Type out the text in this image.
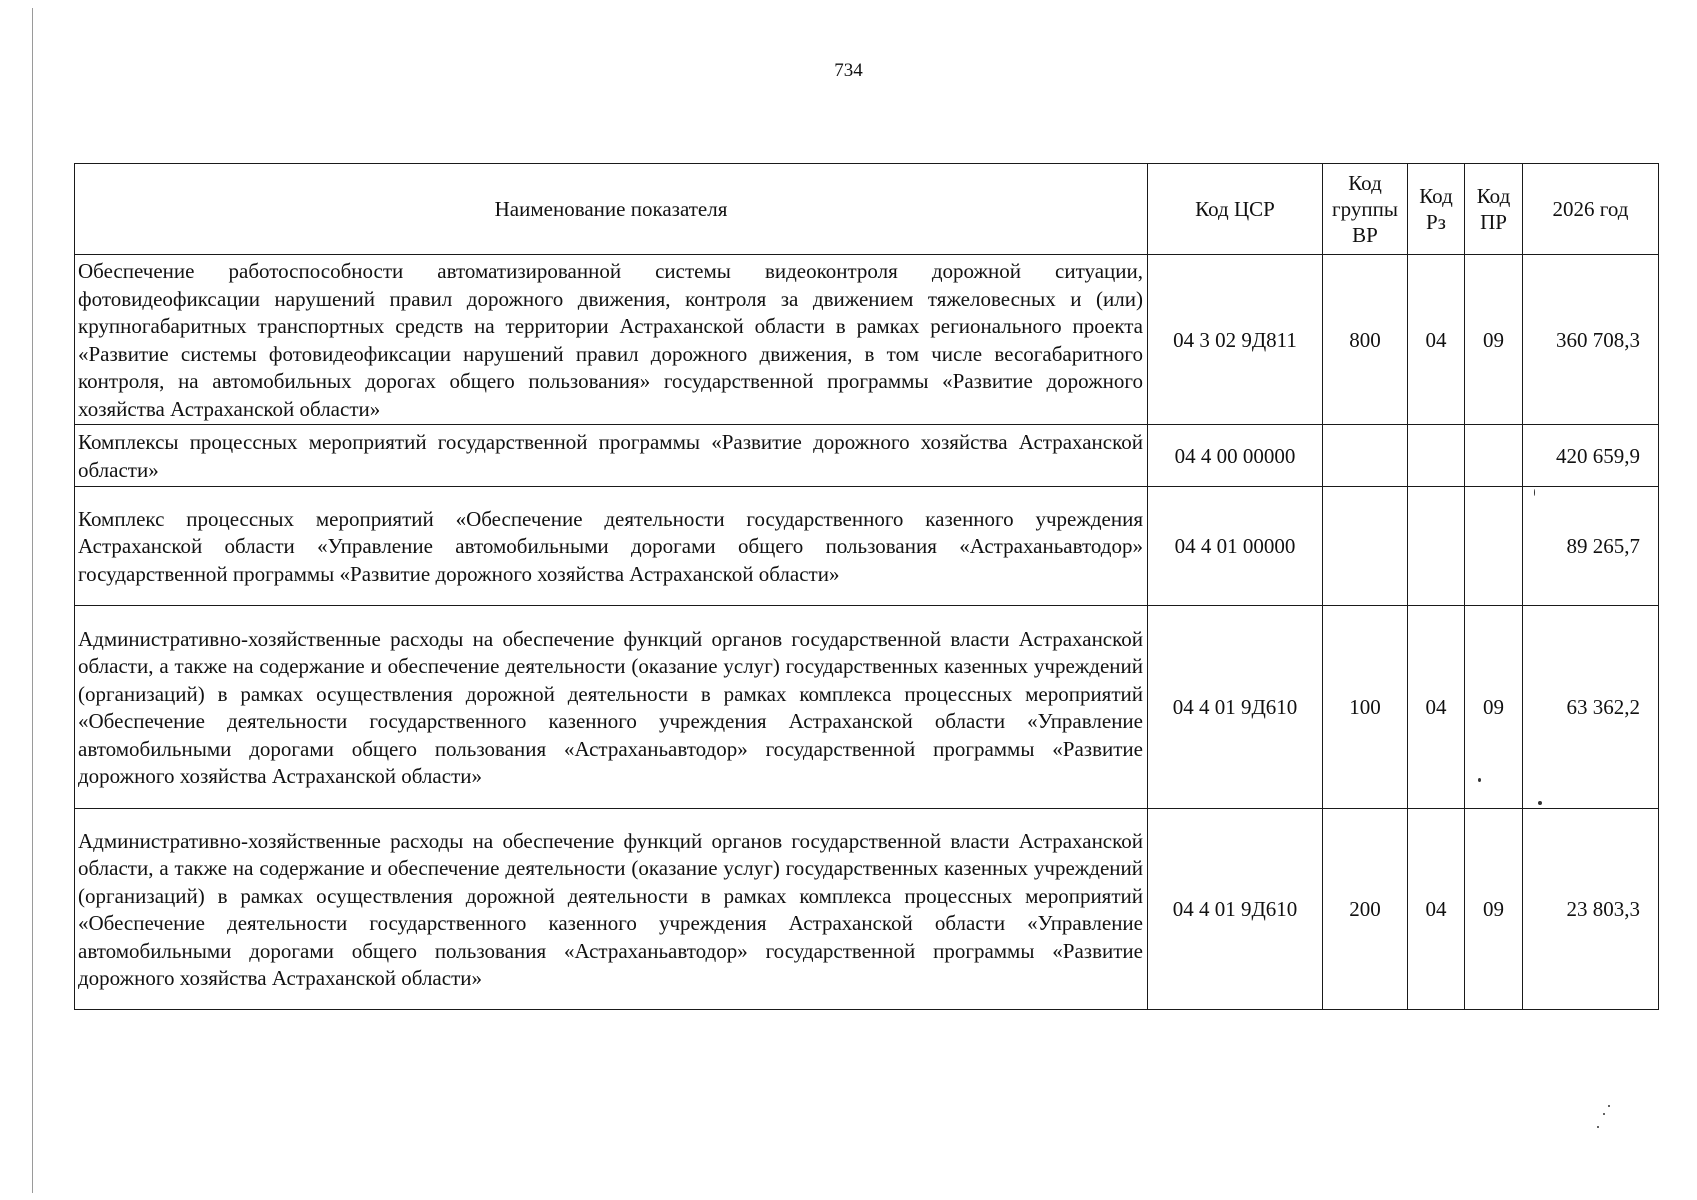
734
Наименование показателя	Код ЦСР	Код группы ВР	Код Рз	Код ПР	2026 год
Обеспечение работоспособности автоматизированной системы видеоконтроля дорожной ситуации, фотовидеофиксации нарушений правил дорожного движения, контроля за движением тяжеловесных и (или) крупногабаритных транспортных средств на территории Астраханской области в рамках регионального проекта «Развитие системы фотовидеофиксации нарушений правил дорожного движения, в том числе весогабаритного контроля, на автомобильных дорогах общего пользования» государственной программы «Развитие дорожного хозяйства Астраханской области»	04 3 02 9Д811	800	04	09	360 708,3
Комплексы процессных мероприятий государственной программы «Развитие дорожного хозяйства Астраханской области»	04 4 00 00000				420 659,9
Комплекс процессных мероприятий «Обеспечение деятельности государственного казенного учреждения Астраханской области «Управление автомобильными дорогами общего пользования «Астраханьавтодор» государственной программы «Развитие дорожного хозяйства Астраханской области»	04 4 01 00000				89 265,7
Административно-хозяйственные расходы на обеспечение функций органов государственной власти Астраханской области, а также на содержание и обеспечение деятельности (оказание услуг) государственных казенных учреждений (организаций) в рамках осуществления дорожной деятельности в рамках комплекса процессных мероприятий «Обеспечение деятельности государственного казенного учреждения Астраханской области «Управление автомобильными дорогами общего пользования «Астраханьавтодор» государственной программы «Развитие дорожного хозяйства Астраханской области»	04 4 01 9Д610	100	04	09	63 362,2
Административно-хозяйственные расходы на обеспечение функций органов государственной власти Астраханской области, а также на содержание и обеспечение деятельности (оказание услуг) государственных казенных учреждений (организаций) в рамках осуществления дорожной деятельности в рамках комплекса процессных мероприятий «Обеспечение деятельности государственного казенного учреждения Астраханской области «Управление автомобильными дорогами общего пользования «Астраханьавтодор» государственной программы «Развитие дорожного хозяйства Астраханской области»	04 4 01 9Д610	200	04	09	23 803,3
